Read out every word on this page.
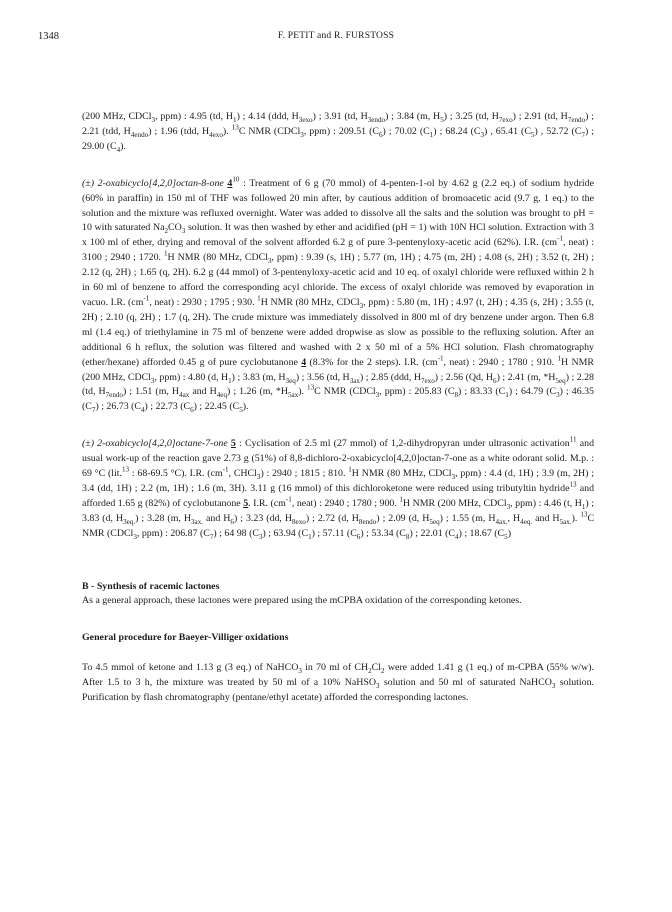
1348	F. PETIT and R. FURSTOSS

(200 MHz, CDCl$_3$, ppm) : 4.95 (td, $H_1$) ; 4.14 (ddd, $H_{3exo}$) ; 3.91 (td, $H_{3endo}$) ; 3.84 (m, $H_5$) ; 3.25 (td, $H_{7exo}$) ; 2.91 (td, $H_{7endo}$) ; 2.21 (tdd, $H_{4endo}$) ; 1.96 (tdd, $H_{4exo}$). $^{13}$C NMR (CDCl$_3$, ppm) : 209.51 $(C_6)$ ; 70.02 $(C_1)$ ; 68.24 $(C_3)$ , 65.41 $(C_5)$ , 52.72 $(C_7)$ ; 29.00 $(C_4)$.

(±) 2-oxabicyclo[4,2,0]octan-8-one $4^{10}$ : Treatment of 6 g (70 mmol) of 4-penten-1-ol by 4.62 g (2.2 eq.) of sodium hydride (60% in paraffin) in 150 ml of THF was followed 20 min after, by cautious addition of bromoacetic acid (9.7 g, 1 eq.) to the solution and the mixture was refluxed overnight. Water was added to dissolve all the salts and the solution was brought to pH = 10 with saturated $Na_2CO_3$ solution. It was then washed by ether and acidified (pH = 1) with 10N HCl solution. Extraction with 3 x 100 ml of ether, drying and removal of the solvent afforded 6.2 g of pure 3-pentenyloxy-acetic acid (62%). I.R. ($cm^{-1}$, neat) : 3100 ; 2940 ; 1720. $^1$H NMR (80 MHz, CDCl$_3$, ppm) : 9.39 (s, 1H) ; 5.77 (m, 1H) ; 4.75 (m, 2H) ; 4.08 (s, 2H) ; 3.52 (t, 2H) ; 2.12 (q, 2H) ; 1.65 (q, 2H). 6.2 g (44 mmol) of 3-pentenyloxy-acetic acid and 10 eq. of oxalyl chloride were refluxed within 2 h in 60 ml of benzene to afford the corresponding acyl chloride. The excess of oxalyl chloride was removed by evaporation in vacuo. I.R. ($cm^{-1}$, neat) : 2930 ; 1795 ; 930. $^1$H NMR (80 MHz, CDCl$_3$, ppm) : 5.80 (m, 1H) ; 4.97 (t, 2H) ; 4.35 (s, 2H) ; 3.55 (t, 2H) ; 2.10 (q, 2H) ; 1.7 (q, 2H). The crude mixture was immediately dissolved in 800 ml of dry benzene under argon. Then 6.8 ml (1.4 eq.) of triethylamine in 75 ml of benzene were added dropwise as slow as possible to the refluxing solution. After an additional 6 h reflux, the solution was filtered and washed with 2 x 50 ml of a 5% HCl solution. Flash chromatography (ether/hexane) afforded 0.45 g of pure cyclobutanone 4 (8.3% for the 2 steps). I.R. ($cm^{-1}$, neat) : 2940 ; 1780 ; 910. $^1$H NMR (200 MHz, CDCl$_3$, ppm) : 4.80 (d, $H_1$) ; 3.83 (m, $H_{3eq}$) ; 3.56 (td, $H_{3ax}$) ; 2.85 (ddd, $H_{7exo}$) ; 2.56 (Qd, $H_6$) ; 2.41 (m, $*H_{5eq}$) ; 2.28 (td, $H_{7endo}$) ; 1.51 (m, $H_{4ax}$ and $H_{4eq}$) ; 1.26 (m, $*H_{5ax}$). $^{13}$C NMR (CDCl$_3$, ppm) : 205.83 $(C_8)$ ; 83.33 $(C_1)$ ; 64.79 $(C_3)$ ; 46.35 $(C_7)$ ; 26.73 $(C_4)$ ; 22.73 $(C_6)$ ; 22.45 $(C_5)$.

(±) 2-oxabicyclo[4,2,0]octane-7-one 5 : Cyclisation of 2.5 ml (27 mmol) of 1,2-dihydropyran under ultrasonic activation$^{11}$ and usual work-up of the reaction gave 2.73 g (51%) of 8,8-dichloro-2-oxabicyclo[4,2,0]octan-7-one as a white odorant solid. M.p. : 69 °C (lit.$^{13}$ : 68-69.5 °C). I.R. ($cm^{-1}$, CHCl$_3$) : 2940 ; 1815 ; 810. $^1$H NMR (80 MHz, CDCl$_3$, ppm) : 4.4 (d, 1H) ; 3.9 (m, 2H) ; 3.4 (dd, 1H) ; 2.2 (m, 1H) ; 1.6 (m, 3H). 3.11 g (16 mmol) of this dichloroketone were reduced using tributyltin hydride$^{13}$ and afforded 1.65 g (82%) of cyclobutanone 5. I.R. ($cm^{-1}$, neat) : 2940 ; 1780 ; 900. $^1$H NMR (200 MHz, CDCl$_3$, ppm) : 4.46 (t, $H_1$) ; 3.83 (d, $H_{3eq.}$) ; 3.28 (m, $H_{3ax.}$ and $H_6$) ; 3.23 (dd, $H_{8exo}$) ; 2.72 (d, $H_{8endo}$) ; 2.09 (d, $H_{5eq}$) ; 1.55 (m, $H_{4ax.}$, $H_{4eq.}$ and $H_{5ax.}$). $^{13}$C NMR (CDCl$_3$, ppm) : 206.87 $(C_7)$ ; 64 98 $(C_3)$ ; 63.94 $(C_1)$ ; 57.11 $(C_6)$ ; 53.34 $(C_8)$ ; 22.01 $(C_4)$ ; 18.67 $(C_5)$

B - Synthesis of racemic lactones

As a general approach, these lactones were prepared using the mCPBA oxidation of the corresponding ketones.

General procedure for Baeyer-Villiger oxidations

To 4.5 mmol of ketone and 1.13 g (3 eq.) of NaHCO$_3$ in 70 ml of $CH_2Cl_2$ were added 1.41 g (1 eq.) of m-CPBA (55% w/w). After 1.5 to 3 h, the mixture was treated by 50 ml of a 10% NaHSO$_3$ solution and 50 ml of saturated NaHCO$_3$ solution. Purification by flash chromatography (pentane/ethyl acetate) afforded the corresponding lactones.
